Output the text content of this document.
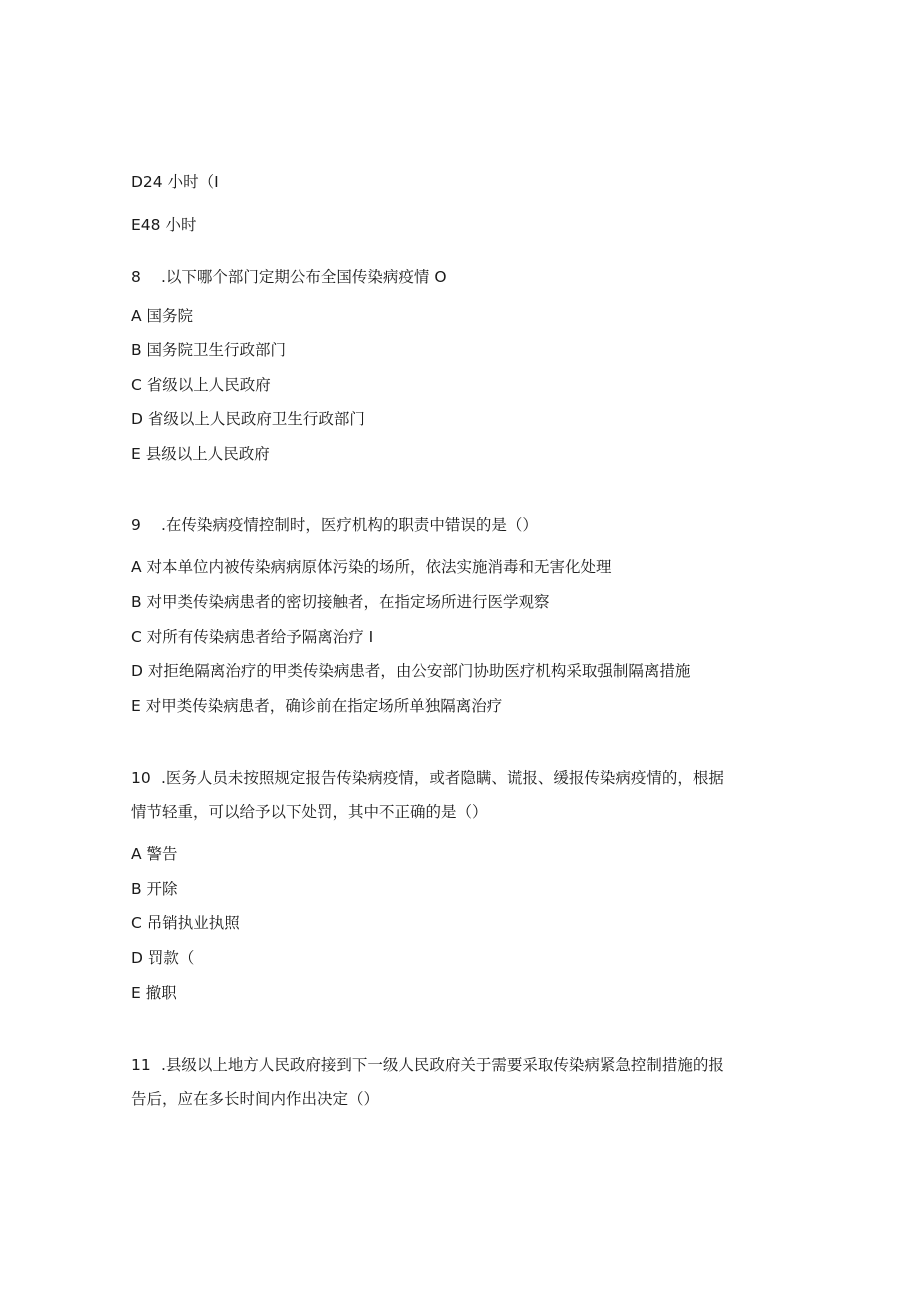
D24 小时（I
E48 小时
8 .以下哪个部门定期公布全国传染病疫情 O
A 国务院
B 国务院卫生行政部门
C 省级以上人民政府
D 省级以上人民政府卫生行政部门
E 县级以上人民政府
9 .在传染病疫情控制时，医疗机构的职责中错误的是（）
A 对本单位内被传染病病原体污染的场所，依法实施消毒和无害化处理
B 对甲类传染病患者的密切接触者，在指定场所进行医学观察
C 对所有传染病患者给予隔离治疗 I
D 对拒绝隔离治疗的甲类传染病患者，由公安部门协助医疗机构采取强制隔离措施
E 对甲类传染病患者，确诊前在指定场所单独隔离治疗
10 .医务人员未按照规定报告传染病疫情，或者隐瞒、谎报、缓报传染病疫情的，根据
情节轻重，可以给予以下处罚，其中不正确的是（）
A 警告
B 开除
C 吊销执业执照
D 罚款（
E 撤职
11 .县级以上地方人民政府接到下一级人民政府关于需要采取传染病紧急控制措施的报
告后，应在多长时间内作出决定（）
